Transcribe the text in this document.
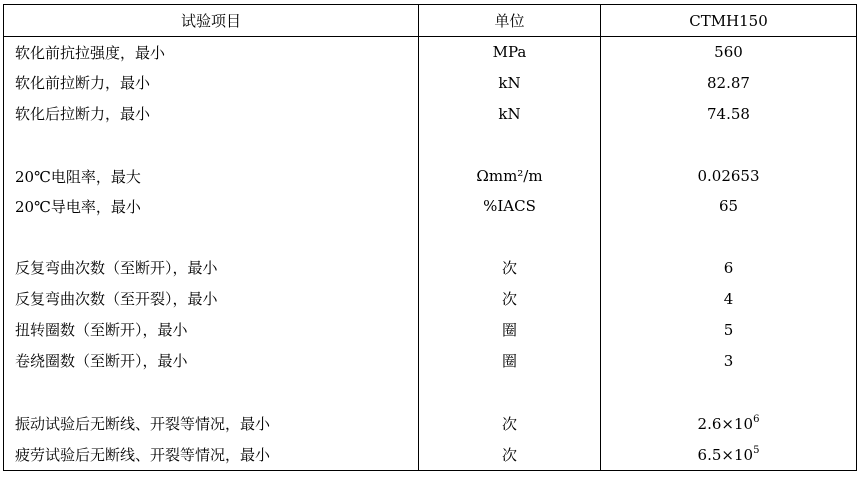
试验项目	单位	CTMH150
软化前抗拉强度，最小	MPa	560
软化前拉断力，最小	kN	82.87
软化后拉断力，最小	kN	74.58

20℃电阻率，最大	Ωmm²/m	0.02653
20℃导电率，最小	%IACS	65

反复弯曲次数（至断开），最小	次	6
反复弯曲次数（至开裂），最小	次	4
扭转圈数（至断开），最小	圈	5
卷绕圈数（至断开），最小	圈	3

振动试验后无断线、开裂等情况，最小	次	$2.6\times 10^6$
疲劳试验后无断线、开裂等情况，最小	次	$6.5\times 10^5$
